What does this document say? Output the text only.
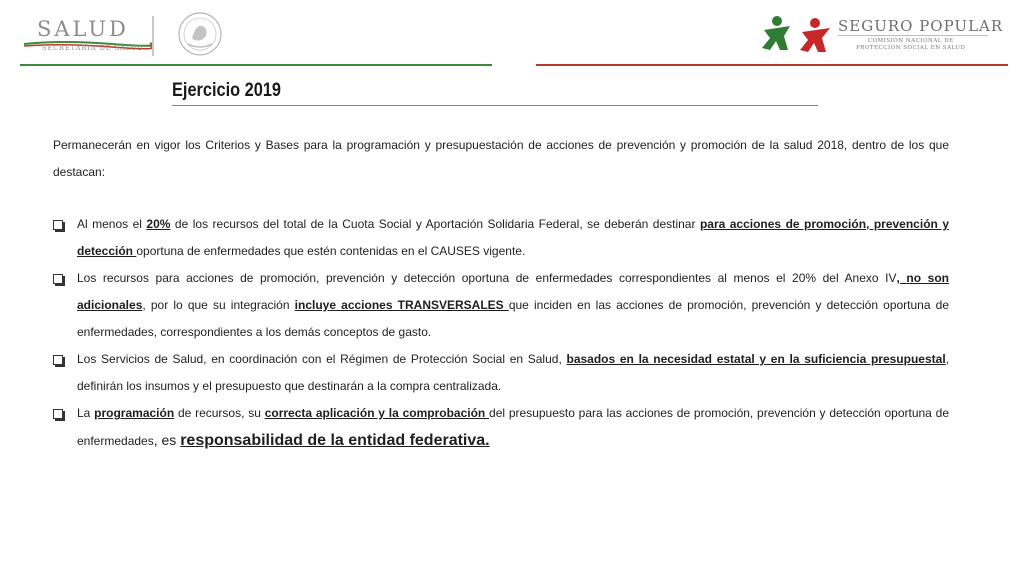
SALUD
SECRETARÍA DE SALUD
SEGURO POPULAR
COMISIÓN NACIONAL DE
PROTECCIÓN SOCIAL EN SALUD
Ejercicio 2019

Permanecerán en vigor los Criterios y Bases para la programación y presupuestación de acciones de prevención y promoción de la salud 2018, dentro de los que destacan:

Al menos el 20% de los recursos del total de la Cuota Social y Aportación Solidaria Federal, se deberán destinar para acciones de promoción, prevención y detección oportuna de enfermedades que estén contenidas en el CAUSES vigente.
Los recursos para acciones de promoción, prevención y detección oportuna de enfermedades correspondientes al menos el 20% del Anexo IV, no son adicionales, por lo que su integración incluye acciones TRANSVERSALES que inciden en las acciones de promoción, prevención y detección oportuna de enfermedades, correspondientes a los demás conceptos de gasto.
Los Servicios de Salud, en coordinación con el Régimen de Protección Social en Salud, basados en la necesidad estatal y en la suficiencia presupuestal, definirán los insumos y el presupuesto que destinarán a la compra centralizada.
La programación de recursos, su correcta aplicación y la comprobación del presupuesto para las acciones de promoción, prevención y detección oportuna de enfermedades, es responsabilidad de la entidad federativa.
